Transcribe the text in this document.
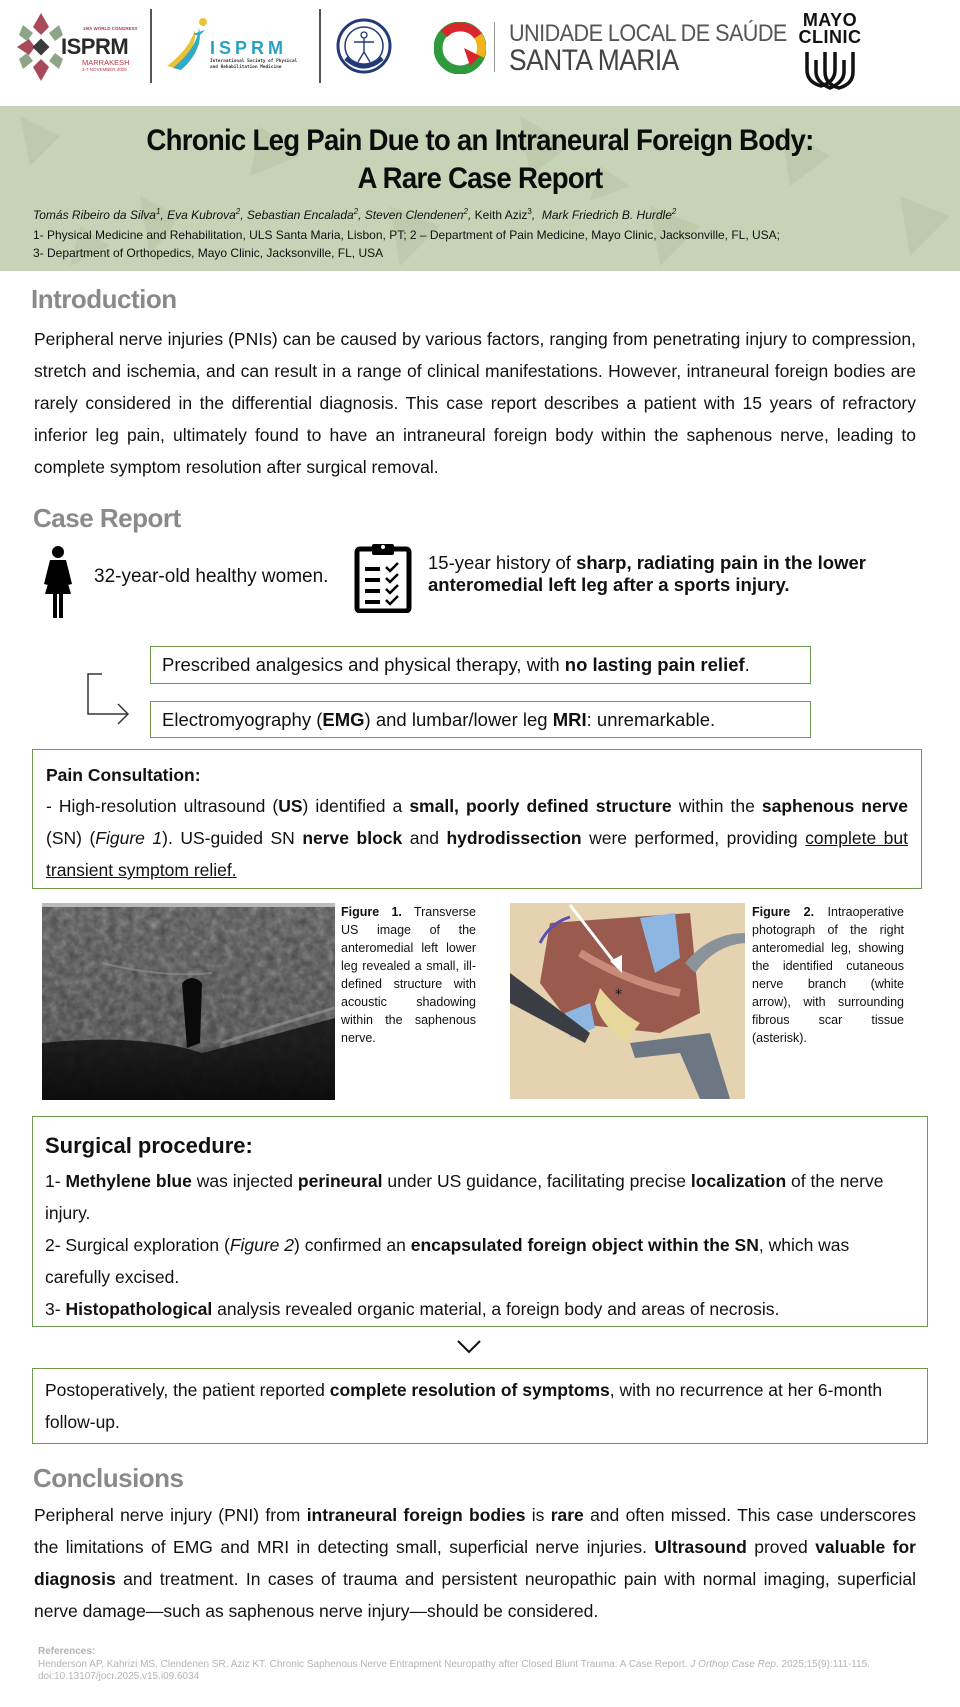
19th WORLD CONGRESS
ISPRM
MARRAKESH
3-7 NOVEMBER 2025
ISPRM
International Society of Physical
and Rehabilitation Medicine
UNIDADE LOCAL DE SAÚDE
SANTA MARIA
MAYO
CLINIC
Chronic Leg Pain Due to an Intraneural Foreign Body:
A Rare Case Report
Tomás Ribeiro da Silva$^1$, Eva Kubrova$^2$, Sebastian Encalada$^2$, Steven Clendenen$^2$, Keith Aziz$^3$,  Mark Friedrich B. Hurdle$^2$
1- Physical Medicine and Rehabilitation, ULS Santa Maria, Lisbon, PT; 2 – Department of Pain Medicine, Mayo Clinic, Jacksonville, FL, USA;
3- Department of Orthopedics, Mayo Clinic, Jacksonville, FL, USA
Introduction
Peripheral nerve injuries (PNIs) can be caused by various factors, ranging from penetrating injury to compression, stretch and ischemia, and can result in a range of clinical manifestations. However, intraneural foreign bodies are rarely considered in the differential diagnosis. This case report describes a patient with 15 years of refractory inferior leg pain, ultimately found to have an intraneural foreign body within the saphenous nerve, leading to complete symptom resolution after surgical removal.
Case Report
32-year-old healthy women.
15-year history of sharp, radiating pain in the lower anteromedial left leg after a sports injury.
Prescribed analgesics and physical therapy, with no lasting pain relief.
Electromyography (EMG) and lumbar/lower leg MRI: unremarkable.
Pain Consultation:
- High-resolution ultrasound (US) identified a small, poorly defined structure within the saphenous nerve (SN) (Figure 1). US-guided SN nerve block and hydrodissection were performed, providing complete but transient symptom relief.
Figure 1. Transverse US image of the anteromedial left lower leg revealed a small, ill-defined structure with acoustic shadowing within the saphenous nerve.
*
Figure 2. Intraoperative photograph of the right anteromedial leg, showing the identified cutaneous nerve branch (white arrow), with surrounding fibrous scar tissue (asterisk).
Surgical procedure:
1- Methylene blue was injected perineural under US guidance, facilitating precise localization of the nerve injury.
2- Surgical exploration (Figure 2) confirmed an encapsulated foreign object within the SN, which was carefully excised.
3- Histopathological analysis revealed organic material, a foreign body and areas of necrosis.
Postoperatively, the patient reported complete resolution of symptoms, with no recurrence at her 6-month follow-up.
Conclusions
Peripheral nerve injury (PNI) from intraneural foreign bodies is rare and often missed. This case underscores the limitations of EMG and MRI in detecting small, superficial nerve injuries. Ultrasound proved valuable for diagnosis and treatment. In cases of trauma and persistent neuropathic pain with normal imaging, superficial nerve damage—such as saphenous nerve injury—should be considered.
References:
Henderson AP, Kahrizi MS, Clendenen SR, Aziz KT. Chronic Saphenous Nerve Entrapment Neuropathy after Closed Blunt Trauma: A Case Report. J Orthop Case Rep. 2025;15(9):111-115. doi:10.13107/jocr.2025.v15.i09.6034
